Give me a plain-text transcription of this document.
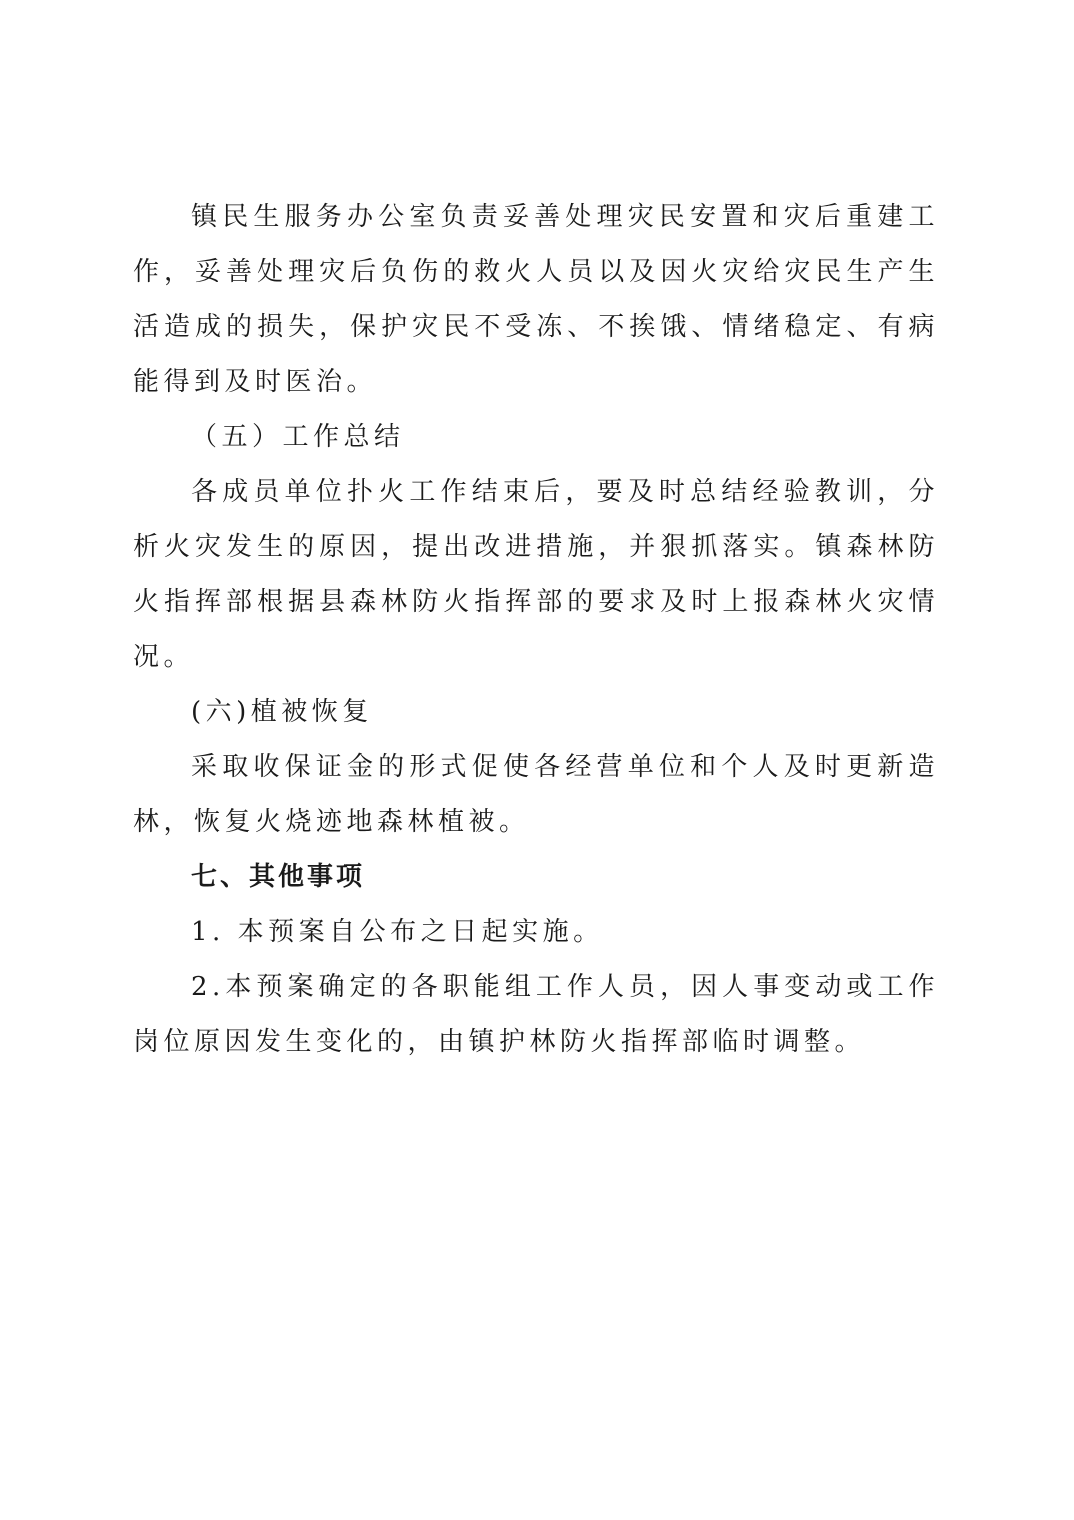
镇民生服务办公室负责妥善处理灾民安置和灾后重建工作，妥善处理灾后负伤的救火人员以及因火灾给灾民生产生活造成的损失，保护灾民不受冻、不挨饿、情绪稳定、有病能得到及时医治。

（五）工作总结

各成员单位扑火工作结束后，要及时总结经验教训，分析火灾发生的原因，提出改进措施，并狠抓落实。镇森林防火指挥部根据县森林防火指挥部的要求及时上报森林火灾情况。

(六)植被恢复

采取收保证金的形式促使各经营单位和个人及时更新造林，恢复火烧迹地森林植被。

七、其他事项

1. 本预案自公布之日起实施。

2.本预案确定的各职能组工作人员，因人事变动或工作岗位原因发生变化的，由镇护林防火指挥部临时调整。
